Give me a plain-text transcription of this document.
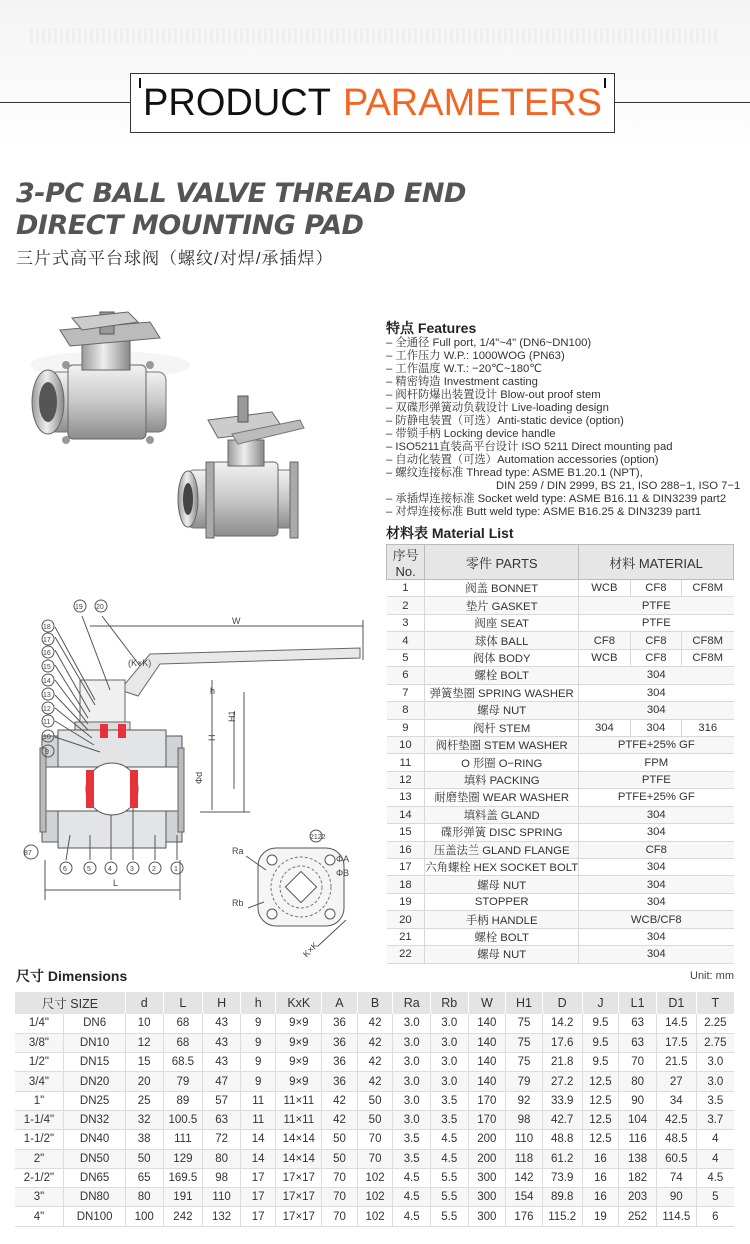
PRODUCT PARAMETERS
3-PC BALL VALVE THREAD END
DIRECT MOUNTING PAD
三片式高平台球阀（螺纹/对焊/承插焊）
W
(K×K)
h
H1
H
Φd
L
Ra
Rb
ΦA
ΦB
K×K
2122
19 20
18
17
16
15
14
13
12
11
10
9
87
6	5 4	3	2	1
特点 Features
– 全通径 Full port, 1/4"~4" (DN6~DN100)
– 工作压力 W.P.: 1000WOG (PN63)
– 工作温度 W.T.: −20℃~180℃
– 精密铸造 Investment casting
– 阀杆防爆出装置设计 Blow-out proof stem
– 双碟形弹簧动负载设计 Live-loading design
– 防静电装置（可选）Anti-static device (option)
– 带锁手柄 Locking device handle
– ISO5211直装高平台设计 ISO 5211 Direct mounting pad
– 自动化装置（可选）Automation accessories (option)
– 螺纹连接标准 Thread type: ASME B1.20.1 (NPT),
DIN 259 / DIN 2999, BS 21, ISO 288−1, ISO 7−1
– 承插焊连接标准 Socket weld type: ASME B16.11 & DIN3239 part2
– 对焊连接标准 Butt weld type: ASME B16.25 & DIN3239 part1
材料表 Material List
序号No.	零件 PARTS	材料 MATERIAL		
1	阀盖 BONNET	WCB	CF8	CF8M
2	垫片 GASKET	PTFE		
3	阀座 SEAT	PTFE		
4	球体 BALL	CF8	CF8	CF8M
5	阀体 BODY	WCB	CF8	CF8M
6	螺栓 BOLT	304		
7	弹簧垫圈 SPRING WASHER	304		
8	螺母 NUT	304		
9	阀杆 STEM	304	304	316
10	阀杆垫圈 STEM WASHER	PTFE+25% GF		
11	O 形圈 O−RING	FPM		
12	填料 PACKING	PTFE		
13	耐磨垫圈 WEAR WASHER	PTFE+25% GF		
14	填料盖 GLAND	304		
15	碟形弹簧 DISC SPRING	304		
16	压盖法兰 GLAND FLANGE	CF8		
17	六角螺栓 HEX SOCKET BOLT	304		
18	螺母 NUT	304		
19	STOPPER	304		
20	手柄 HANDLE	WCB/CF8		
21	螺栓 BOLT	304		
22	螺母 NUT	304		
尺寸 Dimensions	Unit: mm
尺寸 SIZE		d	L	H	h	KxK	A	B	Ra	Rb	W	H1	D	J	L1	D1	T
1/4"	DN6	10	68	43	9	9×9	36	42	3.0	3.0	140	75	14.2	9.5	63	14.5	2.25
3/8"	DN10	12	68	43	9	9×9	36	42	3.0	3.0	140	75	17.6	9.5	63	17.5	2.75
1/2"	DN15	15	68.5	43	9	9×9	36	42	3.0	3.0	140	75	21.8	9.5	70	21.5	3.0
3/4"	DN20	20	79	47	9	9×9	36	42	3.0	3.0	140	79	27.2	12.5	80	27	3.0
1"	DN25	25	89	57	11	11×11	42	50	3.0	3.5	170	92	33.9	12.5	90	34	3.5
1-1/4"	DN32	32	100.5	63	11	11×11	42	50	3.0	3.5	170	98	42.7	12.5	104	42.5	3.7
1-1/2"	DN40	38	111	72	14	14×14	50	70	3.5	4.5	200	110	48.8	12.5	116	48.5	4
2"	DN50	50	129	80	14	14×14	50	70	3.5	4.5	200	118	61.2	16	138	60.5	4
2-1/2"	DN65	65	169.5	98	17	17×17	70	102	4.5	5.5	300	142	73.9	16	182	74	4.5
3"	DN80	80	191	110	17	17×17	70	102	4.5	5.5	300	154	89.8	16	203	90	5
4"	DN100	100	242	132	17	17×17	70	102	4.5	5.5	300	176	115.2	19	252	114.5	6
